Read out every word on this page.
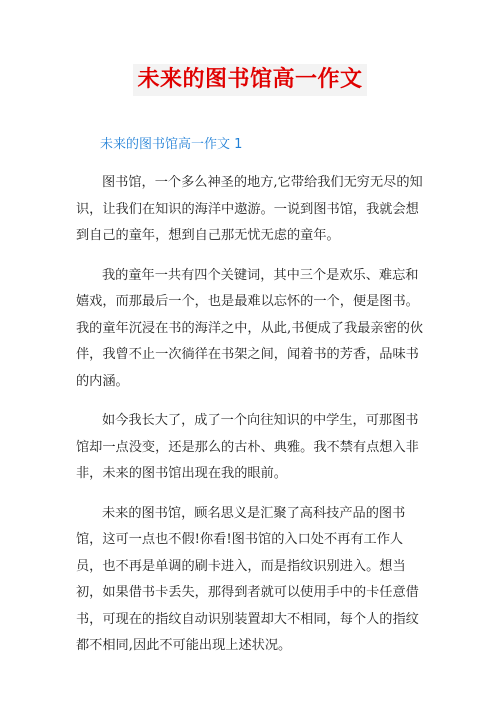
未来的图书馆高一作文
未来的图书馆高一作文 1

图书馆，一个多么神圣的地方,它带给我们无穷无尽的知识，让我们在知识的海洋中遨游。一说到图书馆，我就会想到自己的童年，想到自己那无忧无虑的童年。

我的童年一共有四个关键词，其中三个是欢乐、难忘和嬉戏，而那最后一个，也是最难以忘怀的一个，便是图书。我的童年沉浸在书的海洋之中，从此,书便成了我最亲密的伙伴，我曾不止一次徜徉在书架之间，闻着书的芳香，品味书的内涵。

如今我长大了，成了一个向往知识的中学生，可那图书馆却一点没变，还是那么的古朴、典雅。我不禁有点想入非非，未来的图书馆出现在我的眼前。

未来的图书馆，顾名思义是汇聚了高科技产品的图书馆，这可一点也不假!你看!图书馆的入口处不再有工作人员，也不再是单调的刷卡进入，而是指纹识别进入。想当初，如果借书卡丢失，那得到者就可以使用手中的卡任意借书，可现在的指纹自动识别装置却大不相同，每个人的指纹都不相同,因此不可能出现上述状况。
